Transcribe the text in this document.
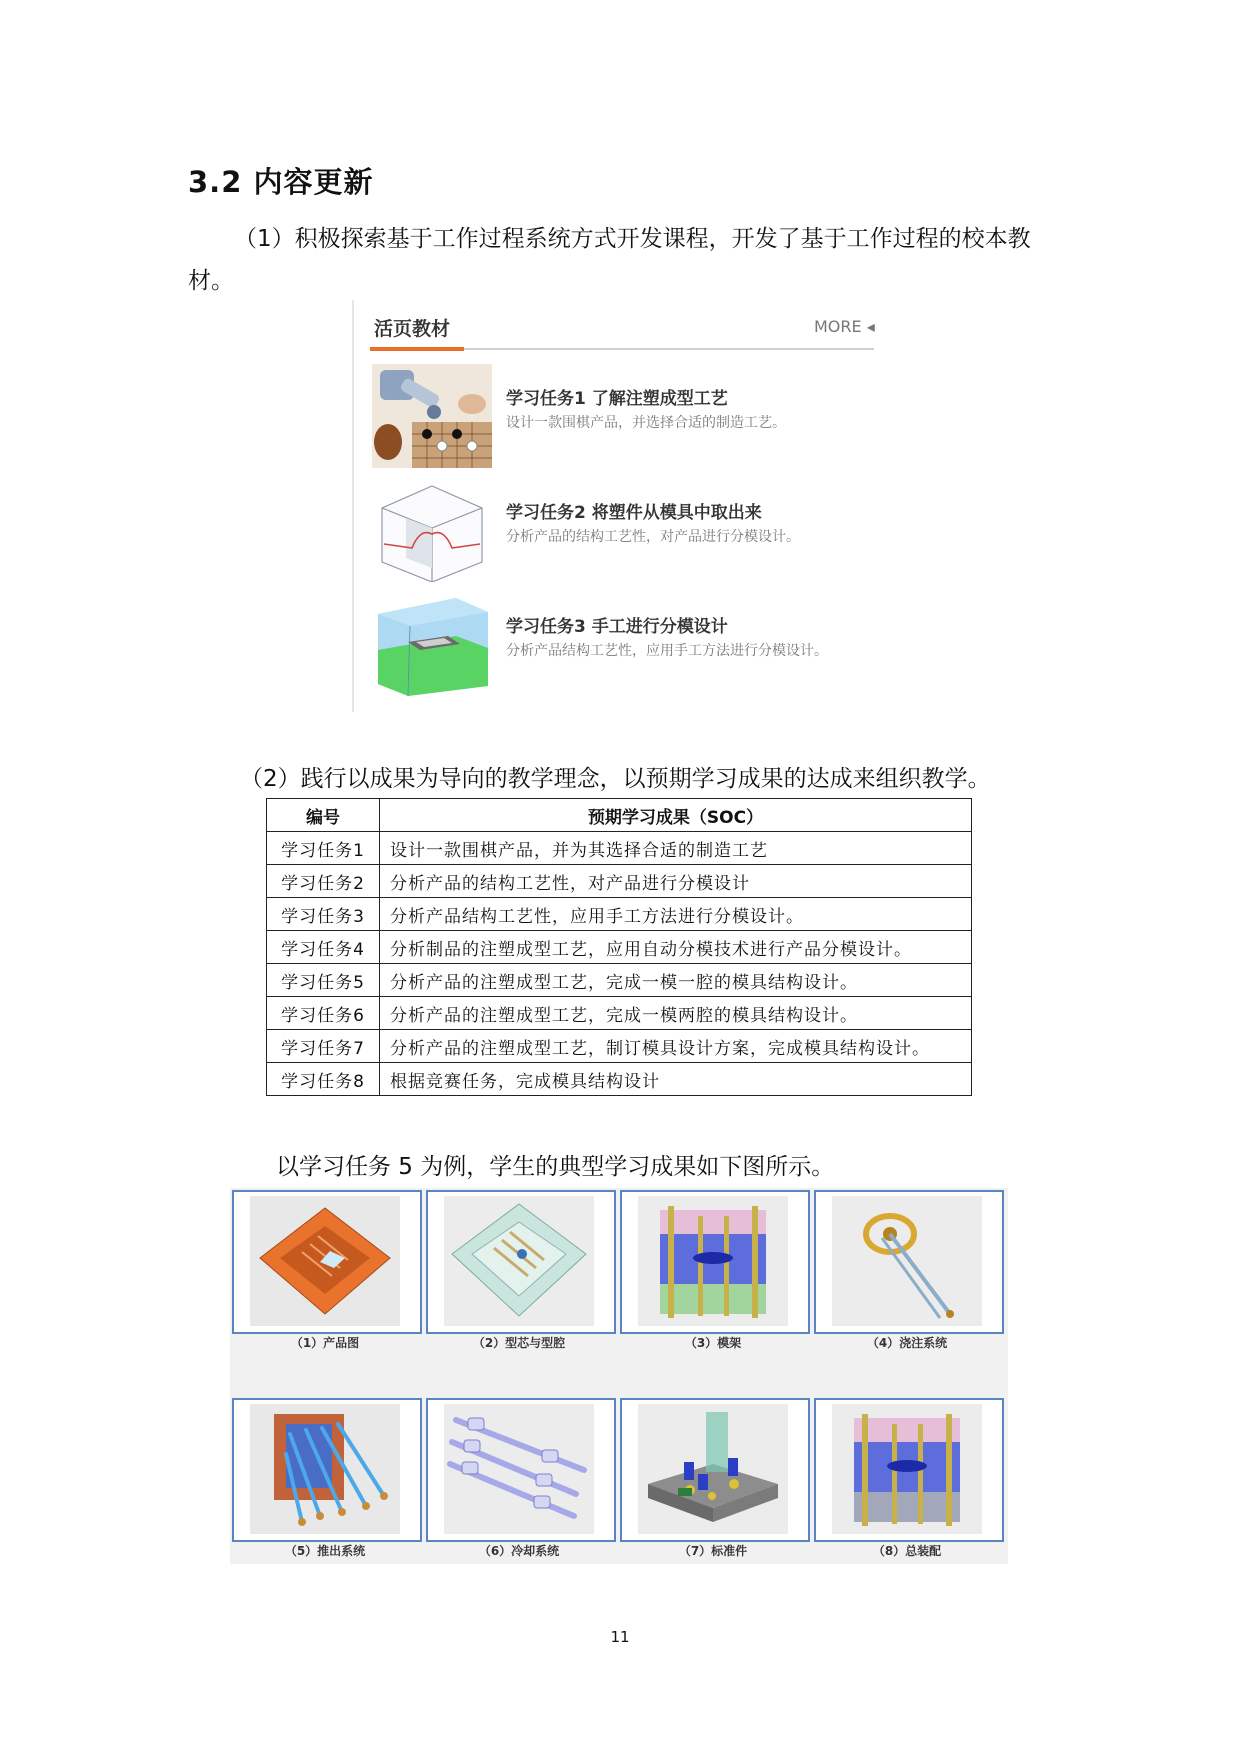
3.2 内容更新
（1）积极探索基于工作过程系统方式开发课程，开发了基于工作过程的校本教材。
活页教材	MORE ◂
学习任务1 了解注塑成型工艺
设计一款围棋产品，并选择合适的制造工艺。
学习任务2 将塑件从模具中取出来
分析产品的结构工艺性，对产品进行分模设计。
学习任务3 手工进行分模设计
分析产品结构工艺性，应用手工方法进行分模设计。
（2）践行以成果为导向的教学理念，以预期学习成果的达成来组织教学。
编号	预期学习成果（SOC）
学习任务1	设计一款围棋产品，并为其选择合适的制造工艺
学习任务2	分析产品的结构工艺性，对产品进行分模设计
学习任务3	分析产品结构工艺性，应用手工方法进行分模设计。
学习任务4	分析制品的注塑成型工艺，应用自动分模技术进行产品分模设计。
学习任务5	分析产品的注塑成型工艺，完成一模一腔的模具结构设计。
学习任务6	分析产品的注塑成型工艺，完成一模两腔的模具结构设计。
学习任务7	分析产品的注塑成型工艺，制订模具设计方案，完成模具结构设计。
学习任务8	根据竞赛任务，完成模具结构设计
以学习任务 5 为例，学生的典型学习成果如下图所示。
（1）产品图	（2）型芯与型腔	（3）模架	（4）浇注系统
（5）推出系统	（6）冷却系统	（7）标准件	（8）总装配
11
